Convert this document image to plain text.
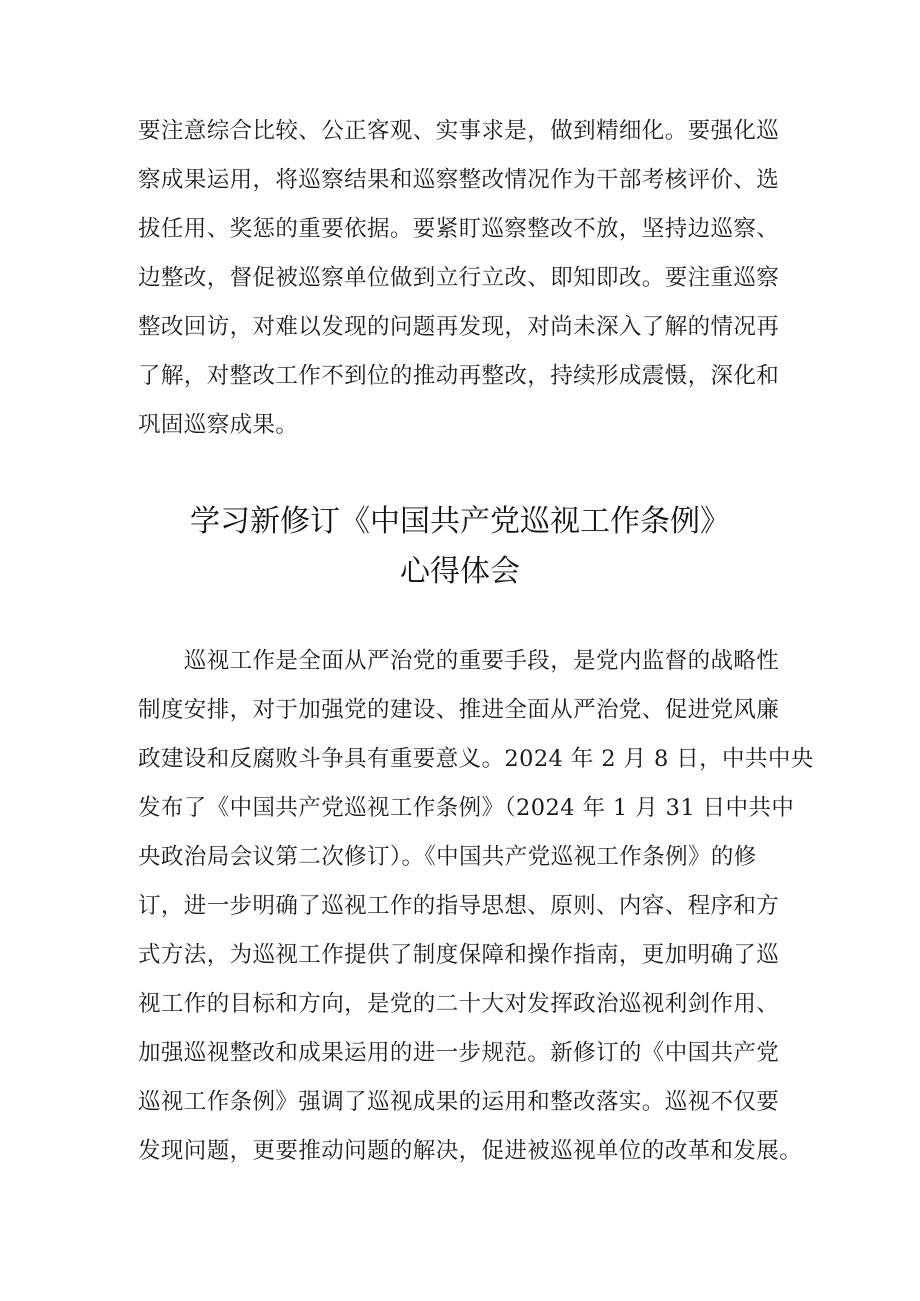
要注意综合比较、公正客观、实事求是，做到精细化。要强化巡
察成果运用，将巡察结果和巡察整改情况作为干部考核评价、选
拔任用、奖惩的重要依据。要紧盯巡察整改不放，坚持边巡察、
边整改，督促被巡察单位做到立行立改、即知即改。要注重巡察
整改回访，对难以发现的问题再发现，对尚未深入了解的情况再
了解，对整改工作不到位的推动再整改，持续形成震慑，深化和
巩固巡察成果。
学习新修订《中国共产党巡视工作条例》
心得体会
　　巡视工作是全面从严治党的重要手段，是党内监督的战略性
制度安排，对于加强党的建设、推进全面从严治党、促进党风廉
政建设和反腐败斗争具有重要意义。2024 年 2 月 8 日，中共中央
发布了《中国共产党巡视工作条例》（2024 年 1 月 31 日中共中
央政治局会议第二次修订）。《中国共产党巡视工作条例》的修
订，进一步明确了巡视工作的指导思想、原则、内容、程序和方
式方法，为巡视工作提供了制度保障和操作指南，更加明确了巡
视工作的目标和方向，是党的二十大对发挥政治巡视利剑作用、
加强巡视整改和成果运用的进一步规范。新修订的《中国共产党
巡视工作条例》强调了巡视成果的运用和整改落实。巡视不仅要
发现问题，更要推动问题的解决，促进被巡视单位的改革和发展。
